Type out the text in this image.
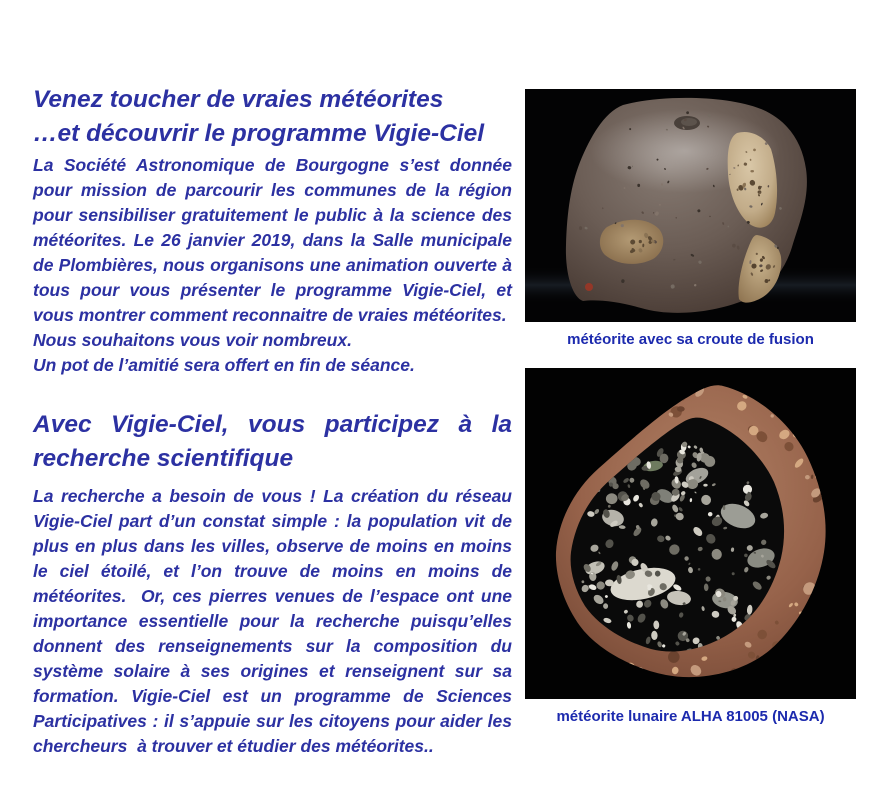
Venez toucher de vraies météorites
…et découvrir le programme Vigie-Ciel

La Société Astronomique de Bourgogne s’est donnée pour mission de parcourir les communes de la région pour sensibiliser gratuitement le public à la science des météorites. Le 26 janvier 2019, dans la Salle municipale de Plombières, nous organisons une animation ouverte à tous pour vous présenter le programme Vigie-Ciel, et vous montrer comment reconnaitre de vraies météorites.

Nous souhaitons vous voir nombreux.

Un pot de l’amitié sera offert en fin de séance.

Avec Vigie-Ciel, vous participez à la recherche scientifique

La recherche a besoin de vous ! La création du réseau Vigie-Ciel part d’un constat simple : la population vit de plus en plus dans les villes, observe de moins en moins le ciel étoilé, et l’on trouve de moins en moins de météorites.  Or, ces pierres venues de l’espace ont une importance essentielle pour la recherche puisqu’elles donnent des renseignements sur la composition du système solaire à ses origines et renseignent sur sa formation. Vigie-Ciel est un programme de Sciences Participatives : il s’appuie sur les citoyens pour aider les chercheurs  à trouver et étudier des météorites..

météorite avec sa croute de fusion
météorite lunaire ALHA 81005 (NASA)
